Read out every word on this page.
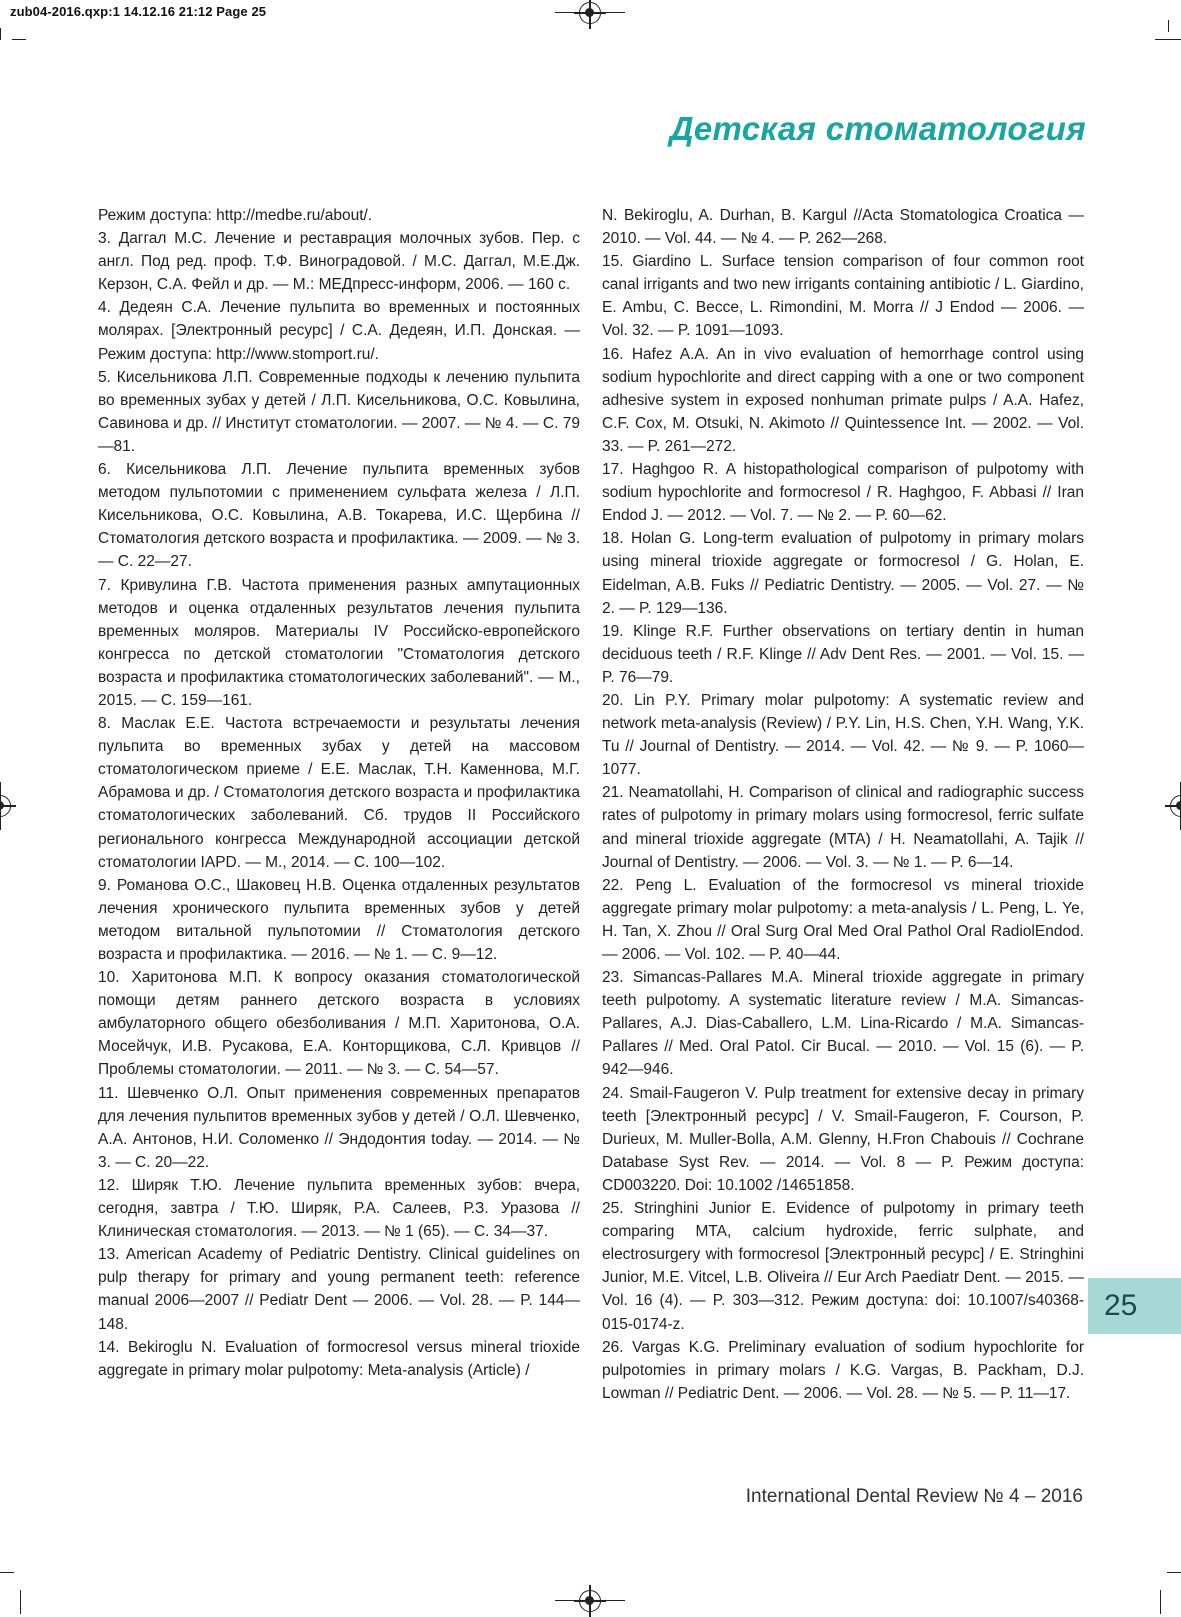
zub04-2016.qxp:1 14.12.16 21:12 Page 25
Детская стоматология

Режим доступа: http://medbe.ru/about/.

3. Даггал М.С. Лечение и реставрация молочных зубов. Пер. с англ. Под ред. проф. Т.Ф. Виноградовой. / М.С. Даггал, М.Е.Дж. Керзон, С.А. Фейл и др. — М.: МЕДпресс-информ, 2006. — 160 с.

4. Дедеян С.А. Лечение пульпита во временных и постоянных молярах. [Электронный ресурс] / С.А. Дедеян, И.П. Донская. — Режим доступа: http://www.stomport.ru/.

5. Кисельникова Л.П. Современные подходы к лечению пульпита во временных зубах у детей / Л.П. Кисельникова, О.С. Ковылина, Савинова и др. // Институт стоматологии. — 2007. — № 4. — С. 79—81.

6. Кисельникова Л.П. Лечение пульпита временных зубов методом пульпотомии с применением сульфата железа / Л.П. Кисельникова, О.С. Ковылина, А.В. Токарева, И.С. Щербина // Стоматология детского возраста и профилактика. — 2009. — № 3. — С. 22—27.

7. Кривулина Г.В. Частота применения разных ампутационных методов и оценка отдаленных результатов лечения пульпита временных моляров. Материалы IV Российско-европейского конгресса по детской стоматологии "Стоматология детского возраста и профилактика стоматологических заболеваний". — М., 2015. — С. 159—161.

8. Маслак Е.Е. Частота встречаемости и результаты лечения пульпита во временных зубах у детей на массовом стоматологическом приеме / Е.Е. Маслак, Т.Н. Каменнова, М.Г. Абрамова и др. / Стоматология детского возраста и профилактика стоматологических заболеваний. Сб. трудов II Российского регионального конгресса Международной ассоциации детской стоматологии IAPD. — М., 2014. — С. 100—102.

9. Романова О.С., Шаковец Н.В. Оценка отдаленных результатов лечения хронического пульпита временных зубов у детей методом витальной пульпотомии // Стоматология детского возраста и профилактика. — 2016. — № 1. — С. 9—12.

10. Харитонова М.П. К вопросу оказания стоматологической помощи детям раннего детского возраста в условиях амбулаторного общего обезболивания / М.П. Харитонова, О.А. Мосейчук, И.В. Русакова, Е.А. Конторщикова, С.Л. Кривцов // Проблемы стоматологии. — 2011. — № 3. — С. 54—57.

11. Шевченко О.Л. Опыт применения современных препаратов для лечения пульпитов временных зубов у детей / О.Л. Шевченко, А.А. Антонов, Н.И. Соломенко // Эндодонтия today. — 2014. — № 3. — С. 20—22.

12. Ширяк Т.Ю. Лечение пульпита временных зубов: вчера, сегодня, завтра / Т.Ю. Ширяк, Р.А. Салеев, Р.З. Уразова //Клиническая стоматология. — 2013. — № 1 (65). — С. 34—37.

13. American Academy of Pediatric Dentistry. Clinical guidelines on pulp therapy for primary and young permanent teeth: reference manual 2006—2007 // Pediatr Dent — 2006. — Vol. 28. — P. 144—148.

14. Bekiroglu N. Evaluation of formocresol versus mineral trioxide aggregate in primary molar pulpotomy: Meta-analysis (Article) /

N. Bekiroglu, A. Durhan, B. Kargul //Acta Stomatologica Croatica — 2010. — Vol. 44. — № 4. — P. 262—268.

15. Giardino L. Surface tension comparison of four common root canal irrigants and two new irrigants containing antibiotic / L. Giardino, E. Ambu, C. Becce, L. Rimondini, M. Morra // J Endod — 2006. — Vol. 32. — P. 1091—1093.

16. Hafez A.A. An in vivo evaluation of hemorrhage control using sodium hypochlorite and direct capping with a one or two component adhesive system in exposed nonhuman primate pulps / A.A. Hafez, C.F. Cox, M. Otsuki, N. Akimoto // Quintessence Int. — 2002. — Vol. 33. — P. 261—272.

17. Haghgoo R. A histopathological comparison of pulpotomy with sodium hypochlorite and formocresol / R. Haghgoo, F. Abbasi // Iran Endod J. — 2012. — Vol. 7. — № 2. — P. 60—62.

18. Holan G. Long-term evaluation of pulpotomy in primary molars using mineral trioxide aggregate or formocresol / G. Holan, E. Eidelman, A.B. Fuks // Pediatric Dentistry. — 2005. — Vol. 27. — № 2. — P. 129—136.

19. Klinge R.F. Further observations on tertiary dentin in human deciduous teeth / R.F. Klinge // Adv Dent Res. — 2001. — Vol. 15. — P. 76—79.

20. Lin P.Y. Primary molar pulpotomy: A systematic review and network meta-analysis (Review) / P.Y. Lin, H.S. Chen, Y.H. Wang, Y.K. Tu // Journal of Dentistry. — 2014. — Vol. 42. — № 9. — P. 1060—1077.

21. Neamatollahi, H. Comparison of clinical and radiographic success rates of pulpotomy in primary molars using formocresol, ferric sulfate and mineral trioxide aggregate (MTA) / H. Neamatollahi, A. Tajik // Journal of Dentistry. — 2006. — Vol. 3. — № 1. — P. 6—14.

22. Peng L. Evaluation of the formocresol vs mineral trioxide aggregate primary molar pulpotomy: a meta-analysis / L. Peng, L. Ye, H. Tan, X. Zhou // Oral Surg Oral Med Oral Pathol Oral RadiolEndod. — 2006. — Vol. 102. — P. 40—44.

23. Simancas-Pallares M.A. Mineral trioxide aggregate in primary teeth pulpotomy. A systematic literature review / M.A. Simancas-Pallares, A.J. Dias-Caballero, L.M. Lina-Ricardo / M.A. Simancas-Pallares // Med. Oral Patol. Cir Bucal. — 2010. — Vol. 15 (6). — P. 942—946.

24. Smail-Faugeron V. Pulp treatment for extensive decay in primary teeth [Электронный ресурс] / V. Smail-Faugeron, F. Courson, P. Durieux, M. Muller-Bolla, A.M. Glenny, H.Fron Chabouis // Cochrane Database Syst Rev. — 2014. — Vol. 8 — P. Режим доступа: CD003220. Doi: 10.1002 /14651858.

25. Stringhini Junior E. Evidence of pulpotomy in primary teeth comparing MTA, calcium hydroxide, ferric sulphate, and electrosurgery with formocresol [Электронный ресурс] / E. Stringhini Junior, M.E. Vitcel, L.B. Oliveira // Eur Arch Paediatr Dent. — 2015. — Vol. 16 (4). — P. 303—312. Режим доступа: doi: 10.1007/s40368-015-0174-z.

26. Vargas K.G. Preliminary evaluation of sodium hypochlorite for pulpotomies in primary molars / K.G. Vargas, B. Packham, D.J. Lowman // Pediatric Dent. — 2006. — Vol. 28. — № 5. — P. 11—17.

25
International Dental Review № 4 – 2016
